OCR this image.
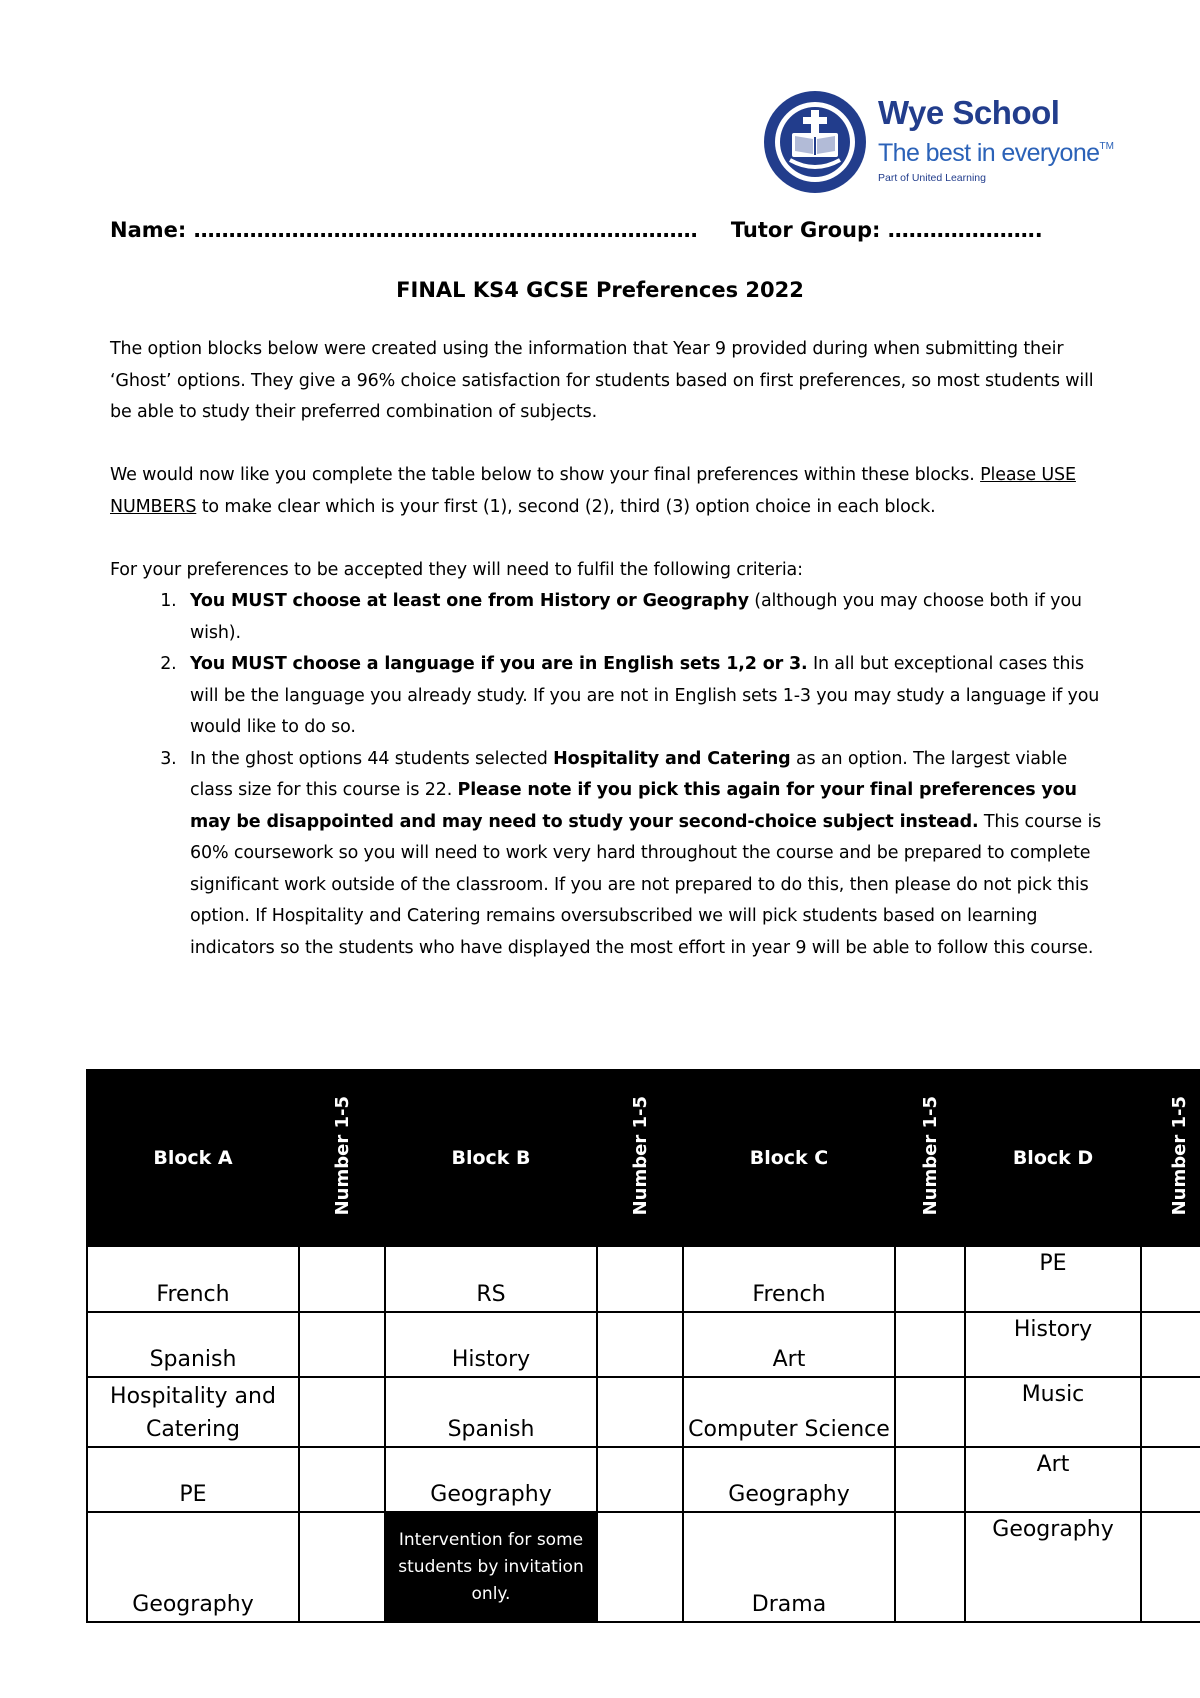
Wye School
The best in everyone™
Part of United Learning
Name: ……………………………………………………………… Tutor Group: ………………….
FINAL KS4 GCSE Preferences 2022

The option blocks below were created using the information that Year 9 provided during when submitting their ‘Ghost’ options. They give a 96% choice satisfaction for students based on first preferences, so most students will be able to study their preferred combination of subjects.

We would now like you complete the table below to show your final preferences within these blocks. Please USE NUMBERS to make clear which is your first (1), second (2), third (3) option choice in each block.

For your preferences to be accepted they will need to fulfil the following criteria:
1. You MUST choose at least one from History or Geography (although you may choose both if you wish).
2. You MUST choose a language if you are in English sets 1,2 or 3. In all but exceptional cases this will be the language you already study. If you are not in English sets 1-3 you may study a language if you would like to do so.
3. In the ghost options 44 students selected Hospitality and Catering as an option. The largest viable class size for this course is 22. Please note if you pick this again for your final preferences you may be disappointed and may need to study your second-choice subject instead. This course is 60% coursework so you will need to work very hard throughout the course and be prepared to complete significant work outside of the classroom. If you are not prepared to do this, then please do not pick this option. If Hospitality and Catering remains oversubscribed we will pick students based on learning indicators so the students who have displayed the most effort in year 9 will be able to follow this course.
Block A	Number 1-5	Block B	Number 1-5	Block C	Number 1-5	Block D	Number 1-5
French		RS		French		PE	
Spanish		History		Art		History	
Hospitality and Catering		Spanish		Computer Science		Music	
PE		Geography		Geography		Art	
Geography		Intervention for some students by invitation only.		Drama		Geography	
